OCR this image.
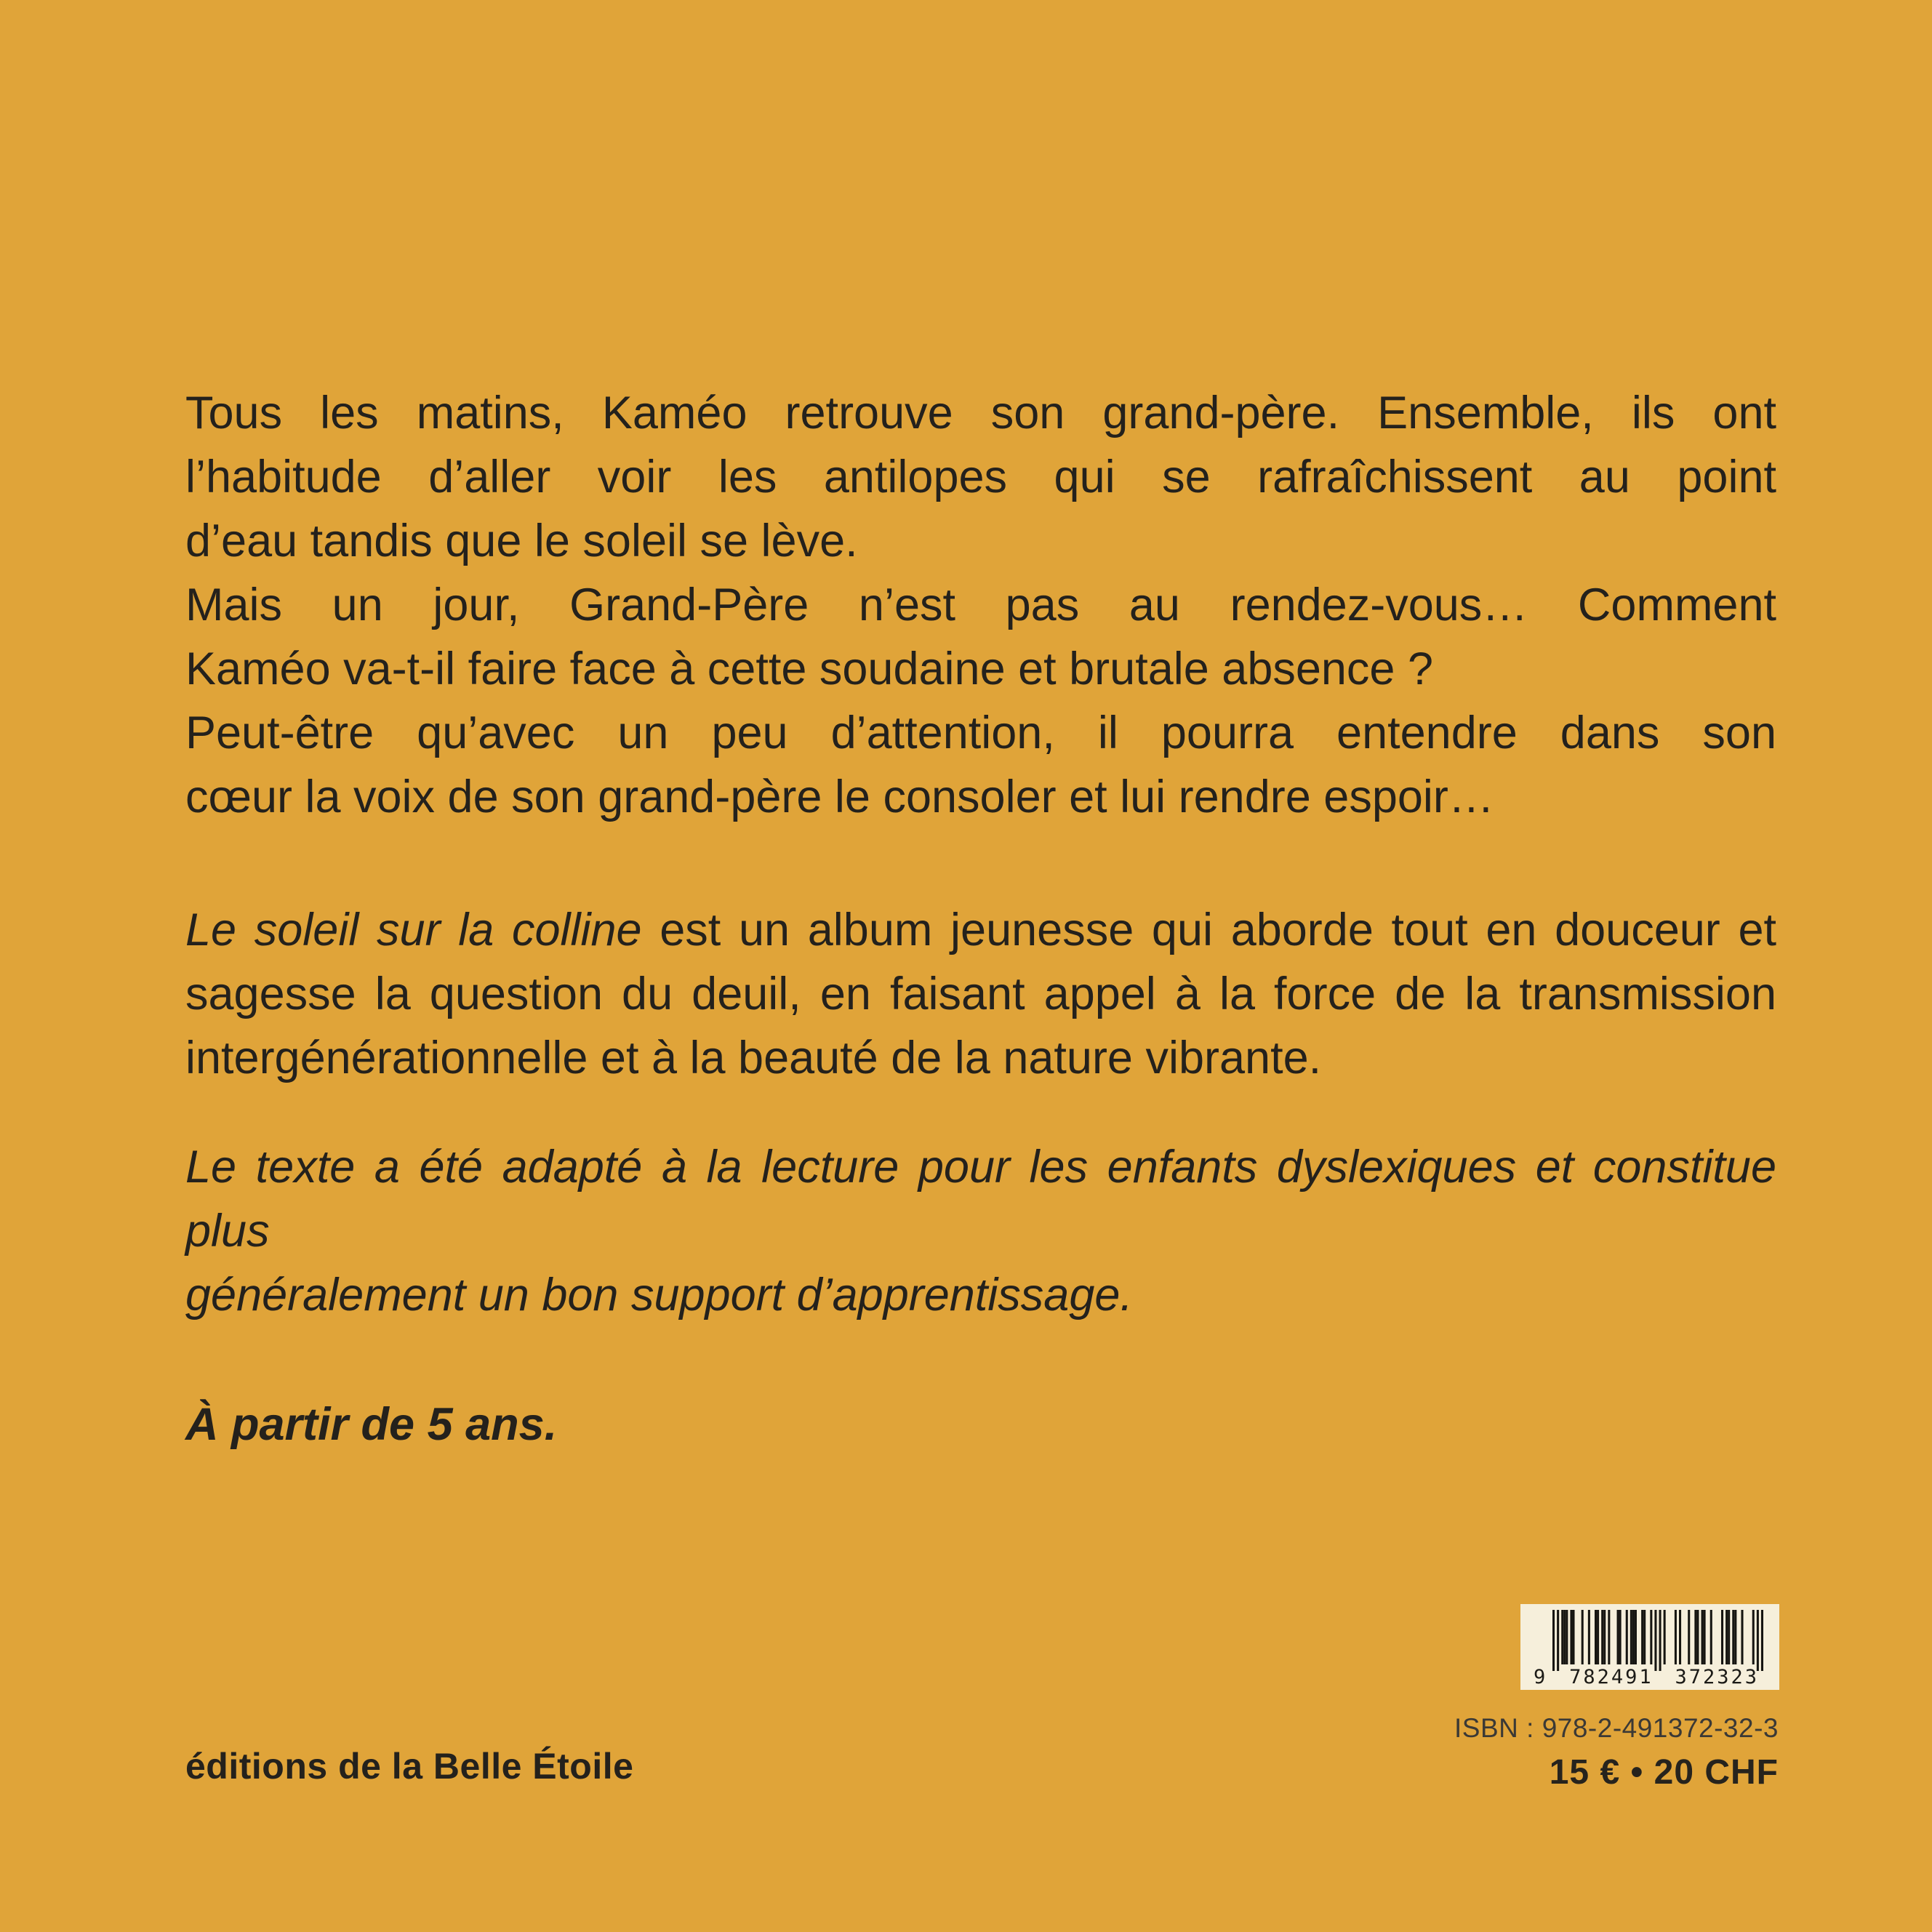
Tous les matins, Kaméo retrouve son grand-père. Ensemble, ils ont
l’habitude d’aller voir les antilopes qui se rafraîchissent au point
d’eau tandis que le soleil se lève.
Mais un jour, Grand-Père n’est pas au rendez-vous… Comment
Kaméo va-t-il faire face à cette soudaine et brutale absence ?
Peut-être qu’avec un peu d’attention, il pourra entendre dans son
cœur la voix de son grand-père le consoler et lui rendre espoir…
Le soleil sur la colline est un album jeunesse qui aborde tout en douceur et
sagesse la question du deuil, en faisant appel à la force de la transmission
intergénérationnelle et à la beauté de la nature vibrante.
Le texte a été adapté à la lecture pour les enfants dyslexiques et constitue plus
généralement un bon support d’apprentissage.
À partir de 5 ans.
éditions de la Belle Étoile
9 782491 372323
ISBN : 978-2-491372-32-3
15 € • 20 CHF
